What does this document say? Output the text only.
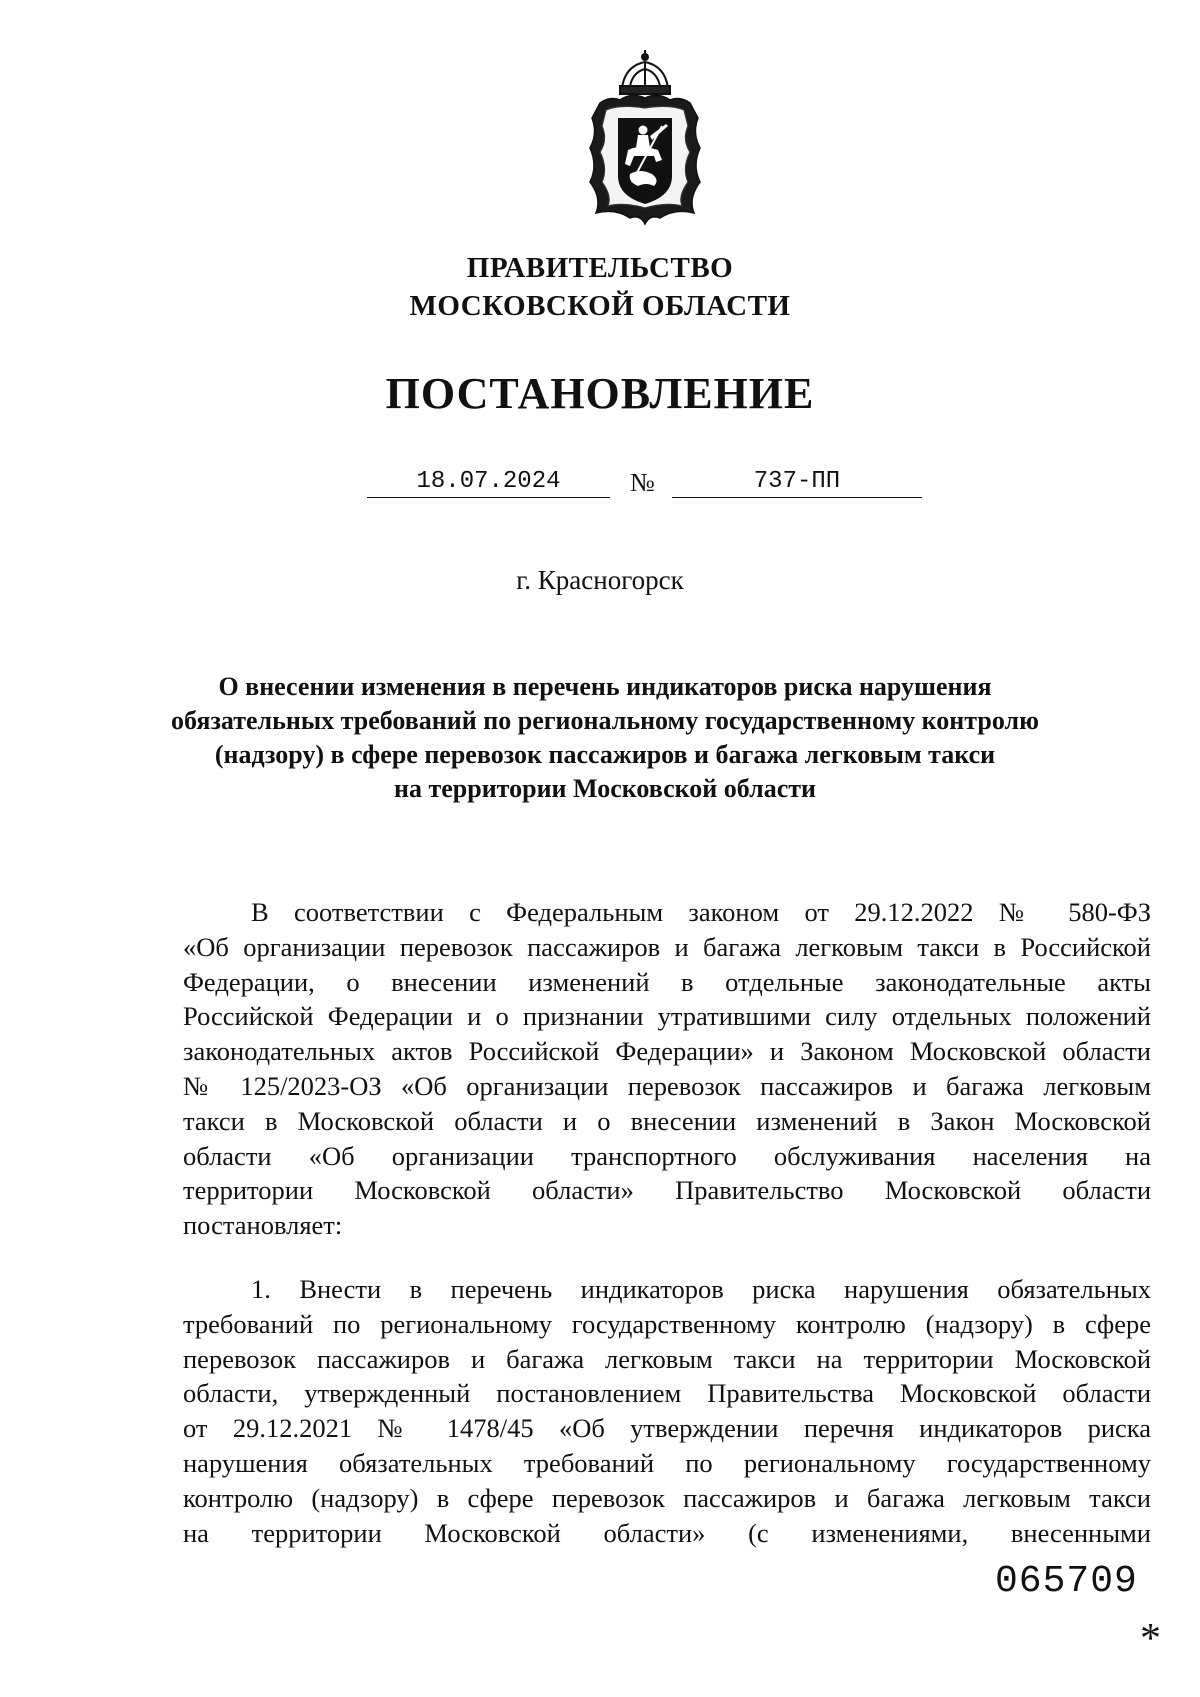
ПРАВИТЕЛЬСТВО
МОСКОВСКОЙ ОБЛАСТИ
ПОСТАНОВЛЕНИЕ
18.07.2024	№	737-ПП
г. Красногорск
О внесении изменения в перечень индикаторов риска нарушения
обязательных требований по региональному государственному контролю
(надзору) в сфере перевозок пассажиров и багажа легковым такси
на территории Московской области
В соответствии с Федеральным законом от 29.12.2022 № 580-ФЗ
«Об организации перевозок пассажиров и багажа легковым такси в Российской
Федерации, о внесении изменений в отдельные законодательные акты
Российской Федерации и о признании утратившими силу отдельных положений
законодательных актов Российской Федерации» и Законом Московской области
№ 125/2023-ОЗ «Об организации перевозок пассажиров и багажа легковым
такси в Московской области и о внесении изменений в Закон Московской
области «Об организации транспортного обслуживания населения на
территории Московской области» Правительство Московской области
постановляет:
1. Внести в перечень индикаторов риска нарушения обязательных
требований по региональному государственному контролю (надзору) в сфере
перевозок пассажиров и багажа легковым такси на территории Московской
области, утвержденный постановлением Правительства Московской области
от 29.12.2021 № 1478/45 «Об утверждении перечня индикаторов риска
нарушения обязательных требований по региональному государственному
контролю (надзору) в сфере перевозок пассажиров и багажа легковым такси
на территории Московской области» (с изменениями, внесенными
065709
*
